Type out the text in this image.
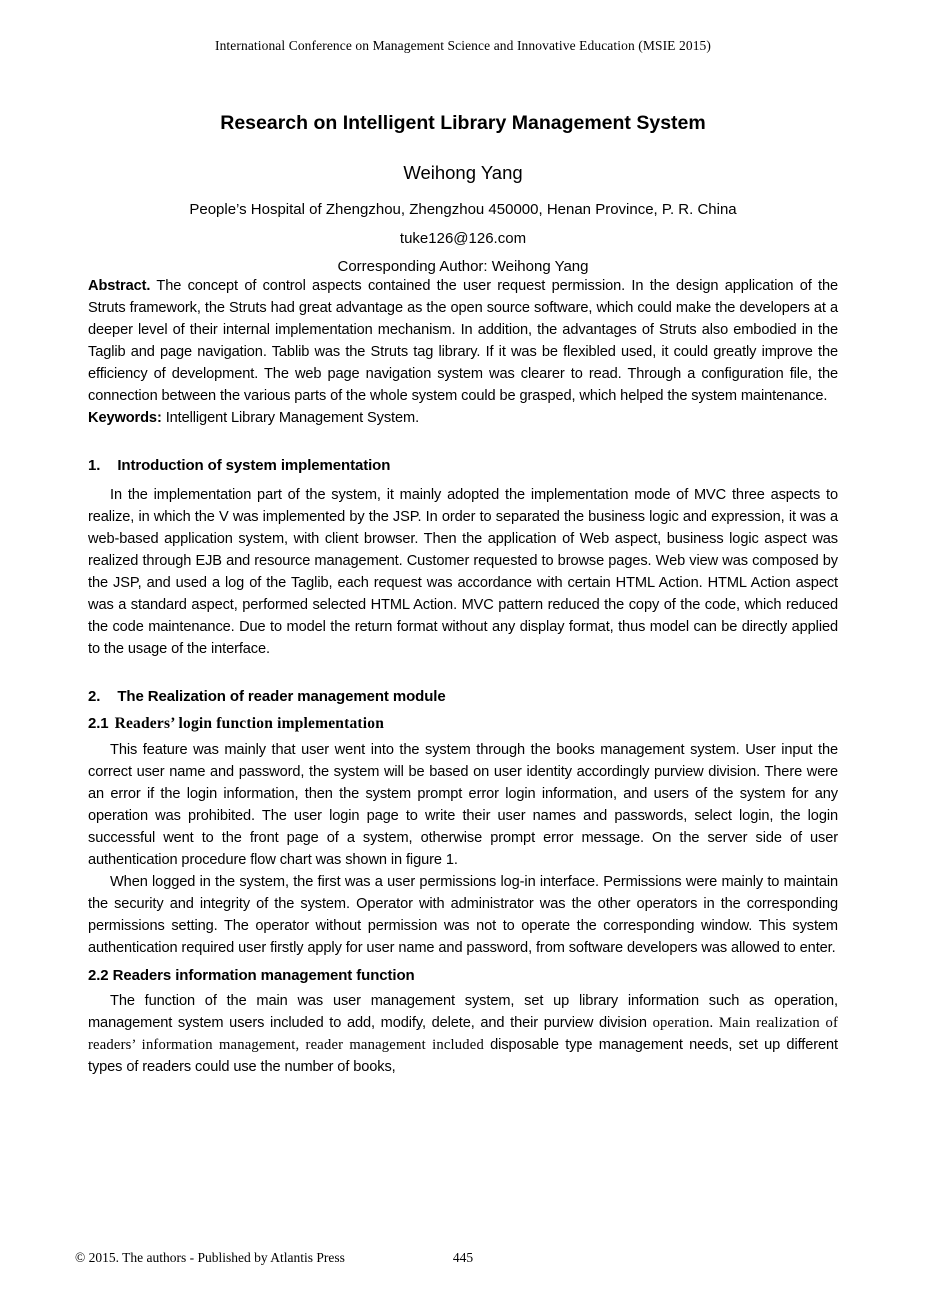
International Conference on Management Science and Innovative Education (MSIE 2015)
Research on Intelligent Library Management System
Weihong Yang
People’s Hospital of Zhengzhou, Zhengzhou 450000, Henan Province, P. R. China
tuke126@126.com
Corresponding Author: Weihong Yang

Abstract. The concept of control aspects contained the user request permission. In the design application of the Struts framework, the Struts had great advantage as the open source software, which could make the developers at a deeper level of their internal implementation mechanism. In addition, the advantages of Struts also embodied in the Taglib and page navigation. Tablib was the Struts tag library. If it was be flexibled used, it could greatly improve the efficiency of development. The web page navigation system was clearer to read. Through a configuration file, the connection between the various parts of the whole system could be grasped, which helped the system maintenance.

Keywords: Intelligent Library Management System.

1. Introduction of system implementation

In the implementation part of the system, it mainly adopted the implementation mode of MVC three aspects to realize, in which the V was implemented by the JSP. In order to separated the business logic and expression, it was a web-based application system, with client browser. Then the application of Web aspect, business logic aspect was realized through EJB and resource management. Customer requested to browse pages. Web view was composed by the JSP, and used a log of the Taglib, each request was accordance with certain HTML Action. HTML Action aspect was a standard aspect, performed selected HTML Action. MVC pattern reduced the copy of the code, which reduced the code maintenance. Due to model the return format without any display format, thus model can be directly applied to the usage of the interface.

2. The Realization of reader management module
2.1 Readers’ login function implementation

This feature was mainly that user went into the system through the books management system. User input the correct user name and password, the system will be based on user identity accordingly purview division. There were an error if the login information, then the system prompt error login information, and users of the system for any operation was prohibited. The user login page to write their user names and passwords, select login, the login successful went to the front page of a system, otherwise prompt error message. On the server side of user authentication procedure flow chart was shown in figure 1.

When logged in the system, the first was a user permissions log-in interface. Permissions were mainly to maintain the security and integrity of the system. Operator with administrator was the other operators in the corresponding permissions setting. The operator without permission was not to operate the corresponding window. This system authentication required user firstly apply for user name and password, from software developers was allowed to enter.

2.2 Readers information management function

The function of the main was user management system, set up library information such as operation, management system users included to add, modify, delete, and their purview division operation. Main realization of readers’ information management, reader management included disposable type management needs, set up different types of readers could use the number of books,

© 2015. The authors - Published by Atlantis Press	445
